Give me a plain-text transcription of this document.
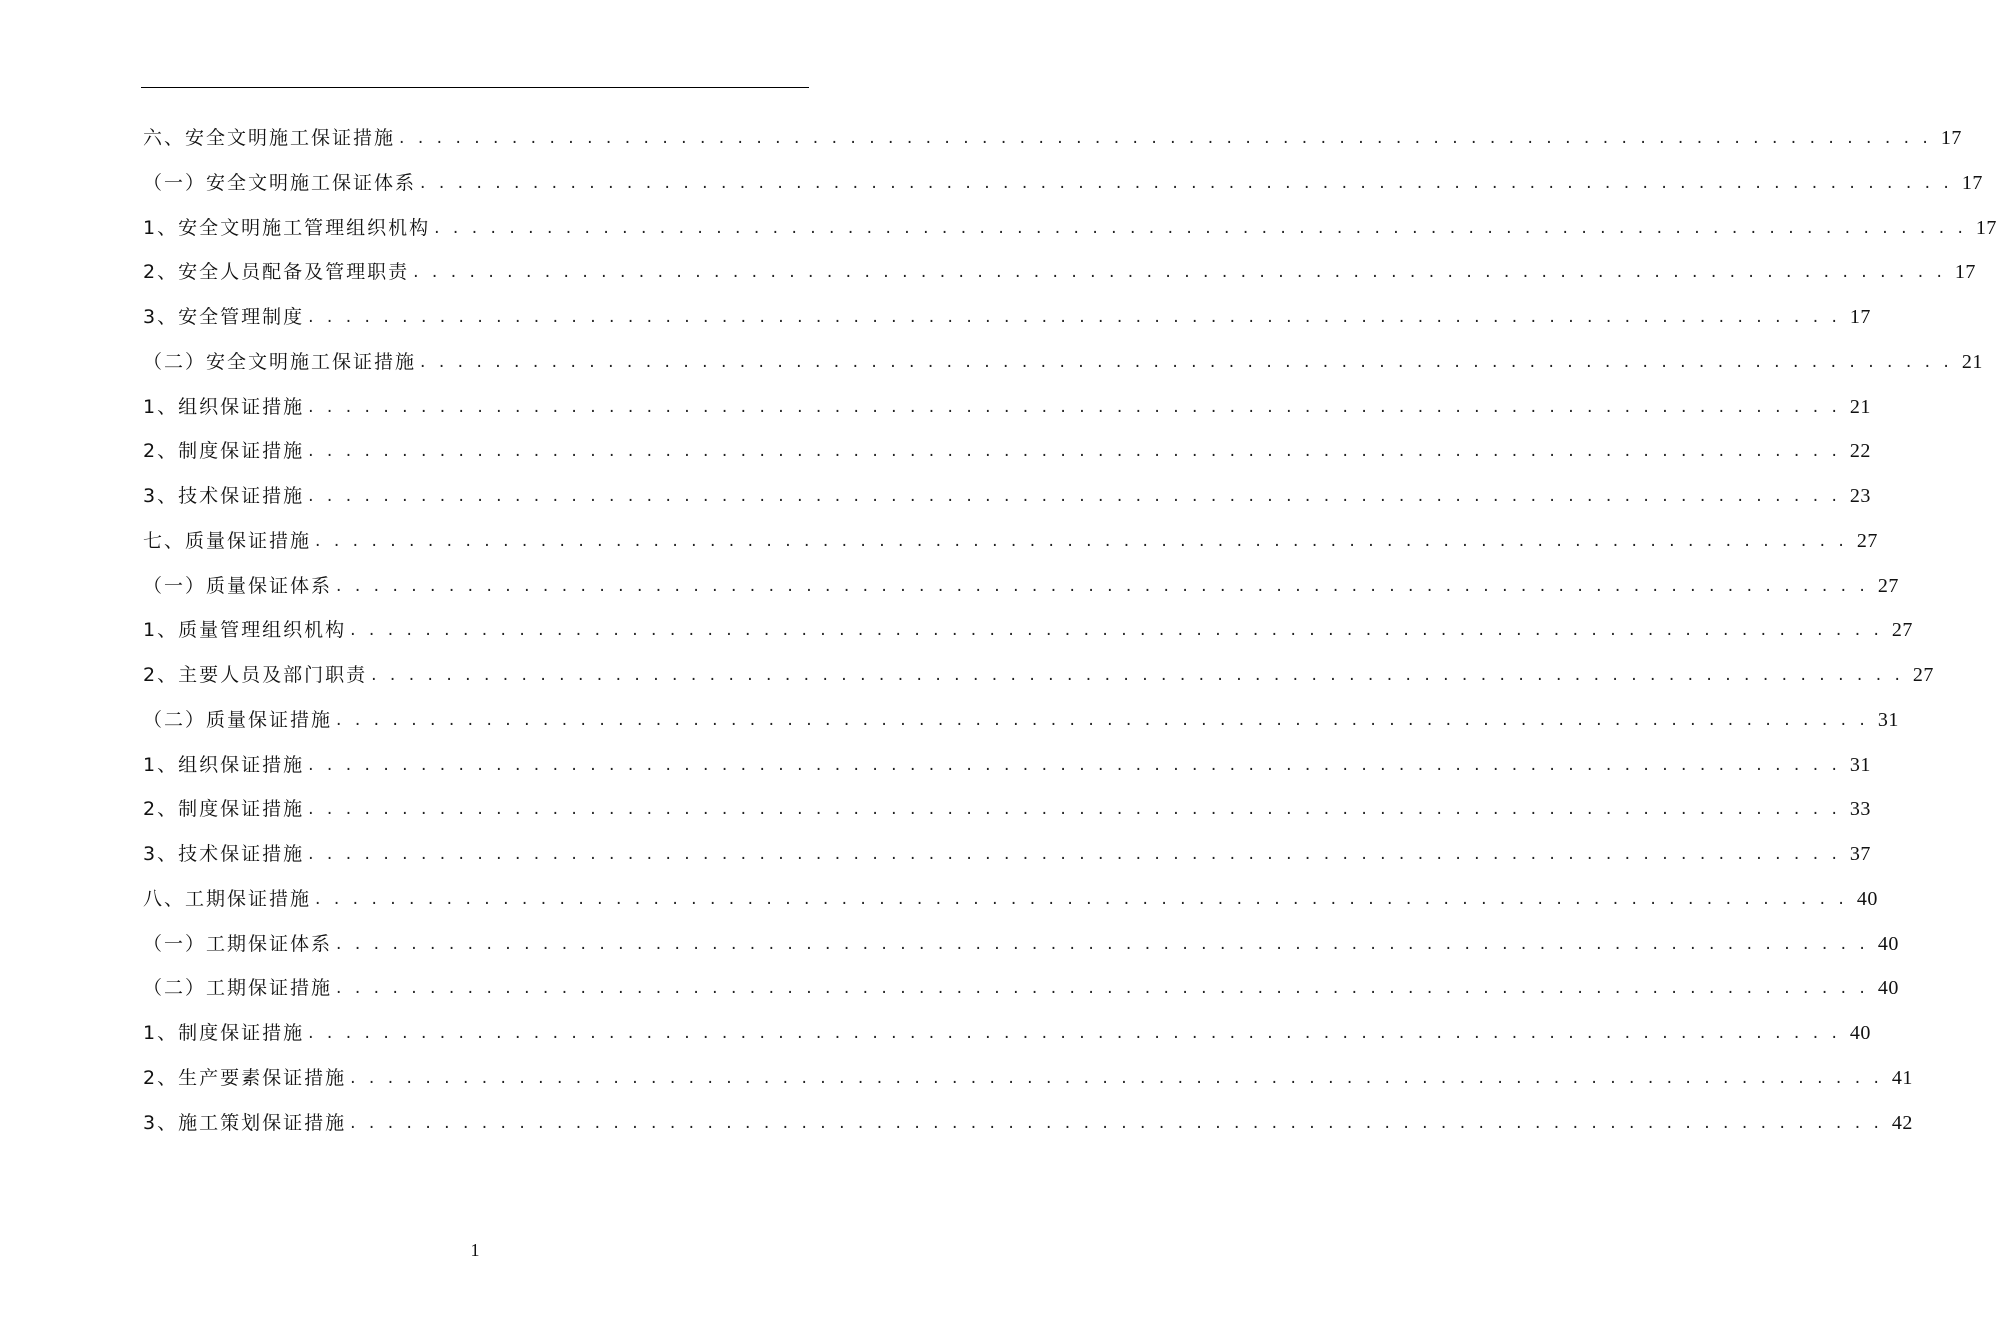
六、安全文明施工保证措施 . . . . . . . . . . . . . . . . . . . . . . . . . . . . . . . . . . . . . . . . . . . . . . . . . . . . . . . . . . . . . . . . . . . . . . . . . . . . . . . . . . 17
（一）安全文明施工保证体系 . . . . . . . . . . . . . . . . . . . . . . . . . . . . . . . . . . . . . . . . . . . . . . . . . . . . . . . . . . . . . . . . . . . . . . . . . . . . . . . . . . 17
1、安全文明施工管理组织机构 . . . . . . . . . . . . . . . . . . . . . . . . . . . . . . . . . . . . . . . . . . . . . . . . . . . . . . . . . . . . . . . . . . . . . . . . . . . . . . . . . . 17
2、安全人员配备及管理职责 . . . . . . . . . . . . . . . . . . . . . . . . . . . . . . . . . . . . . . . . . . . . . . . . . . . . . . . . . . . . . . . . . . . . . . . . . . . . . . . . . . 17
3、安全管理制度 . . . . . . . . . . . . . . . . . . . . . . . . . . . . . . . . . . . . . . . . . . . . . . . . . . . . . . . . . . . . . . . . . . . . . . . . . . . . . . . . . . 17
（二）安全文明施工保证措施 . . . . . . . . . . . . . . . . . . . . . . . . . . . . . . . . . . . . . . . . . . . . . . . . . . . . . . . . . . . . . . . . . . . . . . . . . . . . . . . . . . 21
1、组织保证措施 . . . . . . . . . . . . . . . . . . . . . . . . . . . . . . . . . . . . . . . . . . . . . . . . . . . . . . . . . . . . . . . . . . . . . . . . . . . . . . . . . . 21
2、制度保证措施 . . . . . . . . . . . . . . . . . . . . . . . . . . . . . . . . . . . . . . . . . . . . . . . . . . . . . . . . . . . . . . . . . . . . . . . . . . . . . . . . . . 22
3、技术保证措施 . . . . . . . . . . . . . . . . . . . . . . . . . . . . . . . . . . . . . . . . . . . . . . . . . . . . . . . . . . . . . . . . . . . . . . . . . . . . . . . . . . 23
七、质量保证措施 . . . . . . . . . . . . . . . . . . . . . . . . . . . . . . . . . . . . . . . . . . . . . . . . . . . . . . . . . . . . . . . . . . . . . . . . . . . . . . . . . . 27
（一）质量保证体系 . . . . . . . . . . . . . . . . . . . . . . . . . . . . . . . . . . . . . . . . . . . . . . . . . . . . . . . . . . . . . . . . . . . . . . . . . . . . . . . . . . 27
1、质量管理组织机构 . . . . . . . . . . . . . . . . . . . . . . . . . . . . . . . . . . . . . . . . . . . . . . . . . . . . . . . . . . . . . . . . . . . . . . . . . . . . . . . . . . 27
2、主要人员及部门职责 . . . . . . . . . . . . . . . . . . . . . . . . . . . . . . . . . . . . . . . . . . . . . . . . . . . . . . . . . . . . . . . . . . . . . . . . . . . . . . . . . . 27
（二）质量保证措施 . . . . . . . . . . . . . . . . . . . . . . . . . . . . . . . . . . . . . . . . . . . . . . . . . . . . . . . . . . . . . . . . . . . . . . . . . . . . . . . . . . 31
1、组织保证措施 . . . . . . . . . . . . . . . . . . . . . . . . . . . . . . . . . . . . . . . . . . . . . . . . . . . . . . . . . . . . . . . . . . . . . . . . . . . . . . . . . . 31
2、制度保证措施 . . . . . . . . . . . . . . . . . . . . . . . . . . . . . . . . . . . . . . . . . . . . . . . . . . . . . . . . . . . . . . . . . . . . . . . . . . . . . . . . . . 33
3、技术保证措施 . . . . . . . . . . . . . . . . . . . . . . . . . . . . . . . . . . . . . . . . . . . . . . . . . . . . . . . . . . . . . . . . . . . . . . . . . . . . . . . . . . 37
八、工期保证措施 . . . . . . . . . . . . . . . . . . . . . . . . . . . . . . . . . . . . . . . . . . . . . . . . . . . . . . . . . . . . . . . . . . . . . . . . . . . . . . . . . . 40
（一）工期保证体系 . . . . . . . . . . . . . . . . . . . . . . . . . . . . . . . . . . . . . . . . . . . . . . . . . . . . . . . . . . . . . . . . . . . . . . . . . . . . . . . . . . 40
（二）工期保证措施 . . . . . . . . . . . . . . . . . . . . . . . . . . . . . . . . . . . . . . . . . . . . . . . . . . . . . . . . . . . . . . . . . . . . . . . . . . . . . . . . . . 40
1、制度保证措施 . . . . . . . . . . . . . . . . . . . . . . . . . . . . . . . . . . . . . . . . . . . . . . . . . . . . . . . . . . . . . . . . . . . . . . . . . . . . . . . . . . 40
2、生产要素保证措施 . . . . . . . . . . . . . . . . . . . . . . . . . . . . . . . . . . . . . . . . . . . . . . . . . . . . . . . . . . . . . . . . . . . . . . . . . . . . . . . . . . 41
3、施工策划保证措施 . . . . . . . . . . . . . . . . . . . . . . . . . . . . . . . . . . . . . . . . . . . . . . . . . . . . . . . . . . . . . . . . . . . . . . . . . . . . . . . . . . 42
1
